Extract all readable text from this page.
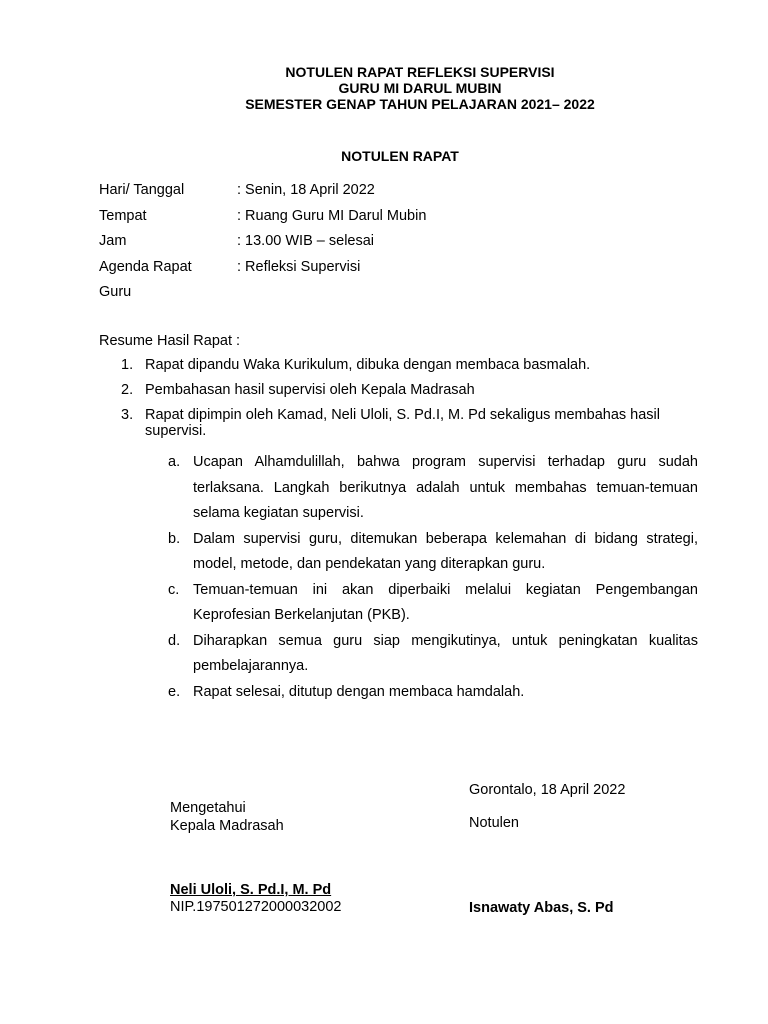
NOTULEN RAPAT REFLEKSI SUPERVISI
GURU MI DARUL MUBIN
SEMESTER GENAP TAHUN PELAJARAN 2021– 2022
NOTULEN RAPAT
Hari/ Tanggal	: Senin, 18 April 2022
Tempat	: Ruang Guru MI Darul Mubin
Jam	: 13.00 WIB – selesai
Agenda Rapat	: Refleksi Supervisi
Guru
Resume Hasil Rapat :
1. Rapat dipandu Waka Kurikulum, dibuka dengan membaca basmalah.
2. Pembahasan hasil supervisi oleh Kepala Madrasah
3. Rapat dipimpin oleh Kamad, Neli Uloli, S. Pd.I, M. Pd sekaligus membahas hasil supervisi.
a. Ucapan Alhamdulillah, bahwa program supervisi terhadap guru sudah terlaksana. Langkah berikutnya adalah untuk membahas temuan-temuan selama kegiatan supervisi.
b. Dalam supervisi guru, ditemukan beberapa kelemahan di bidang strategi, model, metode, dan pendekatan yang diterapkan guru.
c. Temuan-temuan ini akan diperbaiki melalui kegiatan Pengembangan Keprofesian Berkelanjutan (PKB).
d. Diharapkan semua guru siap mengikutinya, untuk peningkatan kualitas pembelajarannya.
e. Rapat selesai, ditutup dengan membaca hamdalah.
Gorontalo, 18 April 2022
Mengetahui
Kepala Madrasah	Notulen
Neli Uloli, S. Pd.I, M. Pd
NIP.197501272000032002	Isnawaty Abas, S. Pd
